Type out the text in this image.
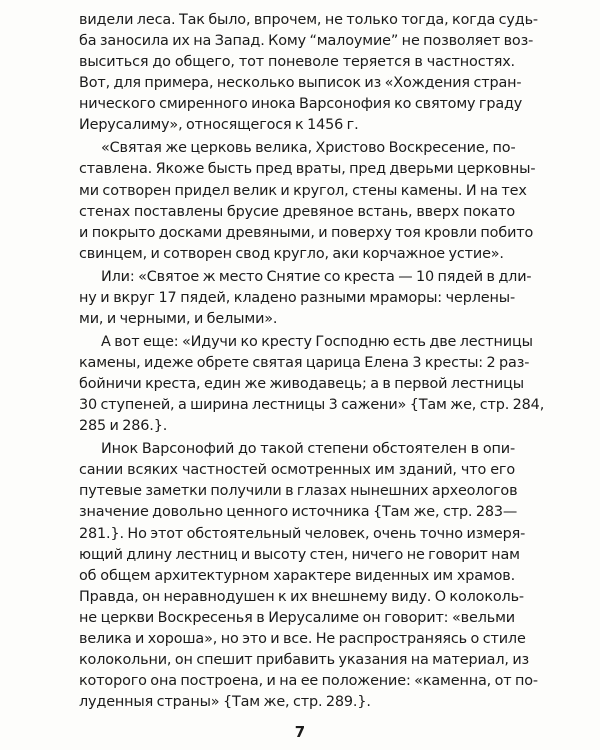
видели леса. Так было, впрочем, не только тогда, когда судь-
ба заносила их на Запад. Кому “малоумие” не позволяет воз-
выситься до общего, тот поневоле теряется в частностях.
Вот, для примера, несколько выписок из «Хождения стран-
нического смиренного инока Варсонофия ко святому граду
Иерусалиму», относящегося к 1456 г.
«Святая же церковь велика, Христово Воскресение, по-
ставлена. Якоже бысть пред враты, пред дверьми церковны-
ми сотворен придел велик и кругол, стены камены. И на тех
стенах поставлены брусие древяное встань, вверх покато
и покрыто досками древяными, и поверху тоя кровли побито
свинцем, и сотворен свод кругло, аки корчажное устие».
Или: «Святое ж место Снятие со креста — 10 пядей в дли-
ну и вкруг 17 пядей, кладено разными мраморы: черлены-
ми, и черными, и белыми».
А вот еще: «Идучи ко кресту Господню есть две лестницы
камены, идеже обрете святая царица Елена 3 кресты: 2 раз-
бойничи креста, един же живодавець; а в первой лестницы
30 ступеней, а ширина лестницы 3 сажени» {Там же, стр. 284,
285 и 286.}.
Инок Варсонофий до такой степени обстоятелен в опи-
сании всяких частностей осмотренных им зданий, что его
путевые заметки получили в глазах нынешних археологов
значение довольно ценного источника {Там же, стр. 283—
281.}. Но этот обстоятельный человек, очень точно измеря-
ющий длину лестниц и высоту стен, ничего не говорит нам
об общем архитектурном характере виденных им храмов.
Правда, он неравнодушен к их внешнему виду. О колоколь-
не церкви Воскресенья в Иерусалиме он говорит: «вельми
велика и хороша», но это и все. Не распространяясь о стиле
колокольни, он спешит прибавить указания на материал, из
которого она построена, и на ее положение: «каменна, от по-
луденныя страны» {Там же, стр. 289.}.
7
